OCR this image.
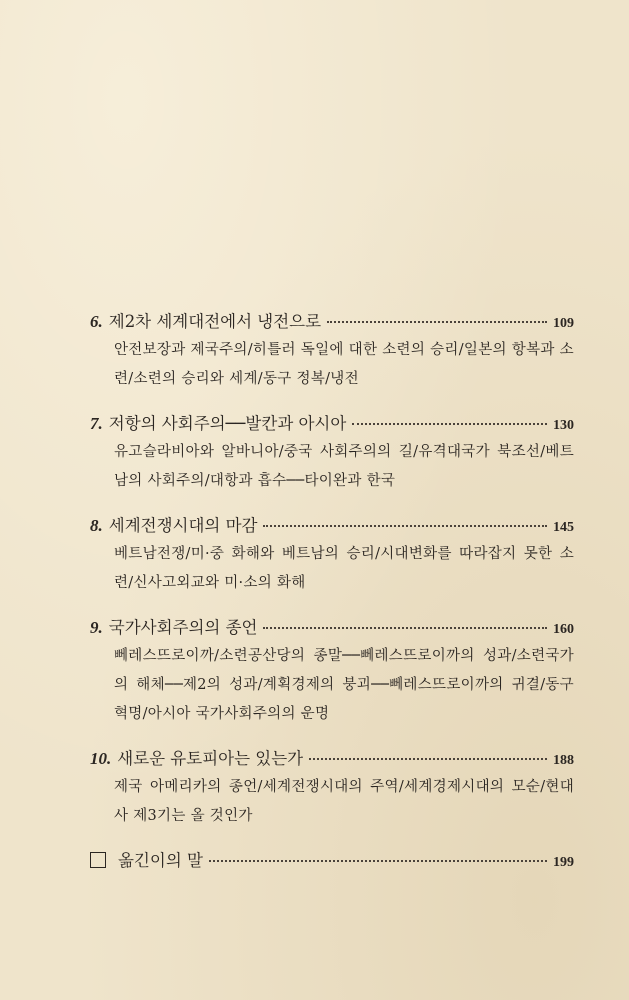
6. 제2차 세계대전에서 냉전으로	109
안전보장과 제국주의/히틀러 독일에 대한 소련의 승리/일본의 항복과 소련/소련의 승리와 세계/동구 정복/냉전
7. 저항의 사회주의──발칸과 아시아	130
유고슬라비아와 알바니아/중국 사회주의의 길/유격대국가 북조선/베트남의 사회주의/대항과 흡수──타이완과 한국
8. 세계전쟁시대의 마감	145
베트남전쟁/미·중 화해와 베트남의 승리/시대변화를 따라잡지 못한 소련/신사고외교와 미·소의 화해
9. 국가사회주의의 종언	160
뻬레스뜨로이까/소련공산당의 종말──뻬레스뜨로이까의 성과/소련국가의 해체──제2의 성과/계획경제의 붕괴──뻬레스뜨로이까의 귀결/동구혁명/아시아 국가사회주의의 운명
10. 새로운 유토피아는 있는가	188
제국 아메리카의 종언/세계전쟁시대의 주역/세계경제시대의 모순/현대사 제3기는 올 것인가
옮긴이의 말	199
